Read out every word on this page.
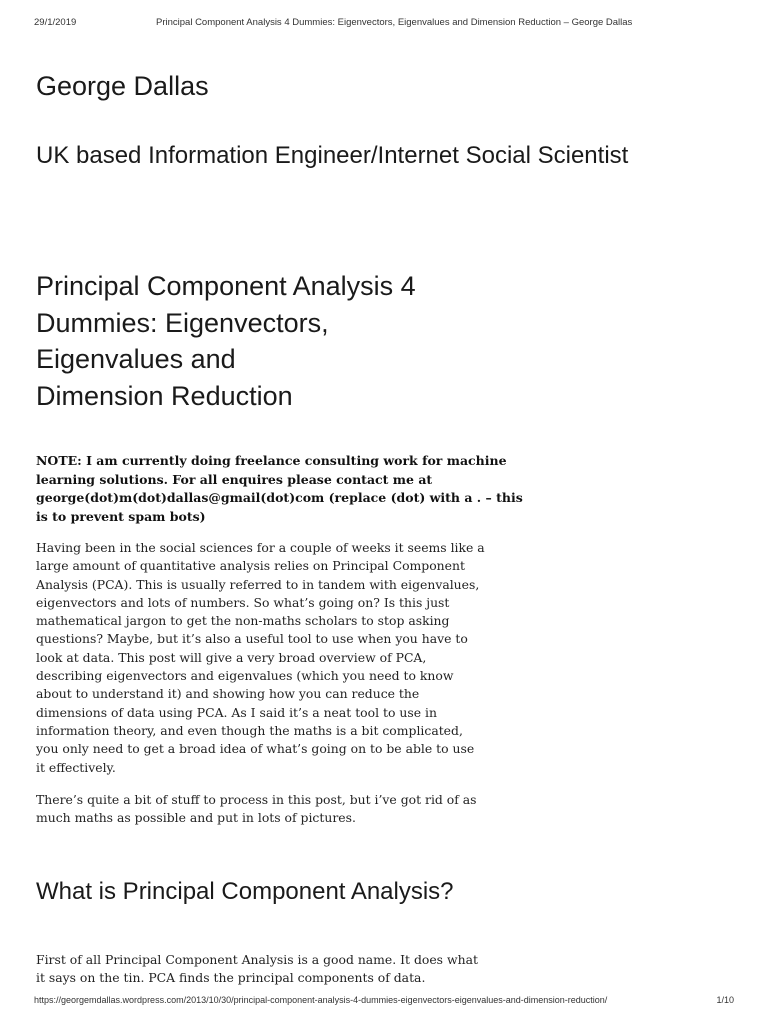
29/1/2019	Principal Component Analysis 4 Dummies: Eigenvectors, Eigenvalues and Dimension Reduction – George Dallas
George Dallas
UK based Information Engineer/Internet Social Scientist
Principal Component Analysis 4
Dummies: Eigenvectors,
Eigenvalues and
Dimension Reduction

NOTE: I am currently doing freelance consulting work for machine
learning solutions. For all enquires please contact me at
george(dot)m(dot)dallas@gmail(dot)com (replace (dot) with a . – this
is to prevent spam bots)

Having been in the social sciences for a couple of weeks it seems like a
large amount of quantitative analysis relies on Principal Component
Analysis (PCA). This is usually referred to in tandem with eigenvalues,
eigenvectors and lots of numbers. So what’s going on? Is this just
mathematical jargon to get the non-maths scholars to stop asking
questions? Maybe, but it’s also a useful tool to use when you have to
look at data. This post will give a very broad overview of PCA,
describing eigenvectors and eigenvalues (which you need to know
about to understand it) and showing how you can reduce the
dimensions of data using PCA. As I said it’s a neat tool to use in
information theory, and even though the maths is a bit complicated,
you only need to get a broad idea of what’s going on to be able to use
it effectively.

There’s quite a bit of stuff to process in this post, but i’ve got rid of as
much maths as possible and put in lots of pictures.

What is Principal Component Analysis?

First of all Principal Component Analysis is a good name. It does what
it says on the tin. PCA finds the principal components of data.

https://georgemdallas.wordpress.com/2013/10/30/principal-component-analysis-4-dummies-eigenvectors-eigenvalues-and-dimension-reduction/	1/10
